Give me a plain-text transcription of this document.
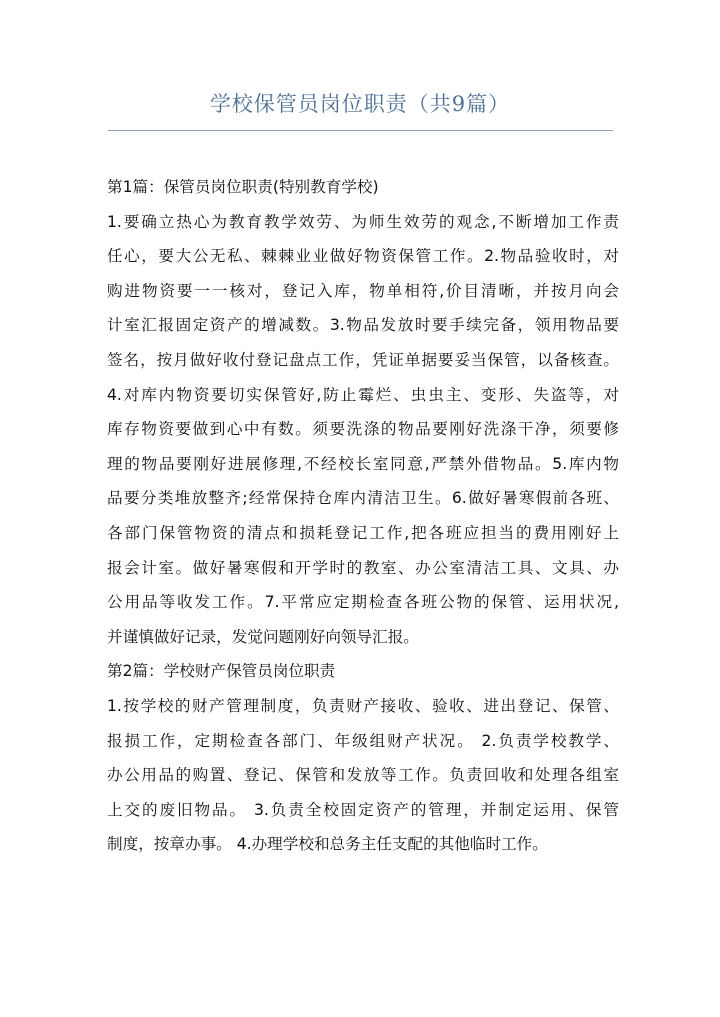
学校保管员岗位职责（共9篇）
第1篇：保管员岗位职责(特别教育学校)
1.要确立热心为教育教学效劳、为师生效劳的观念,不断增加工作责
任心，要大公无私、棘棘业业做好物资保管工作。2.物品验收时，对
购进物资要一一核对，登记入库，物单相符,价目清晰，并按月向会
计室汇报固定资产的增减数。3.物品发放时要手续完备，领用物品要
签名，按月做好收付登记盘点工作，凭证单据要妥当保管，以备核查。
4.对库内物资要切实保管好,防止霉烂、虫虫主、变形、失盗等，对
库存物资要做到心中有数。须要洗涤的物品要刚好洗涤干净，须要修
理的物品要刚好进展修理,不经校长室同意,严禁外借物品。5.库内物
品要分类堆放整齐;经常保持仓库内清洁卫生。6.做好暑寒假前各班、
各部门保管物资的清点和损耗登记工作,把各班应担当的费用刚好上
报会计室。做好暑寒假和开学时的教室、办公室清洁工具、文具、办
公用品等收发工作。7.平常应定期检查各班公物的保管、运用状况,
并谨慎做好记录，发觉问题刚好向领导汇报。
第2篇：学校财产保管员岗位职责
1.按学校的财产管理制度，负责财产接收、验收、进出登记、保管、
报损工作，定期检查各部门、年级组财产状况。 2.负责学校教学、
办公用品的购置、登记、保管和发放等工作。负责回收和处理各组室
上交的废旧物品。 3.负责全校固定资产的管理，并制定运用、保管
制度，按章办事。 4.办理学校和总务主任支配的其他临时工作。
